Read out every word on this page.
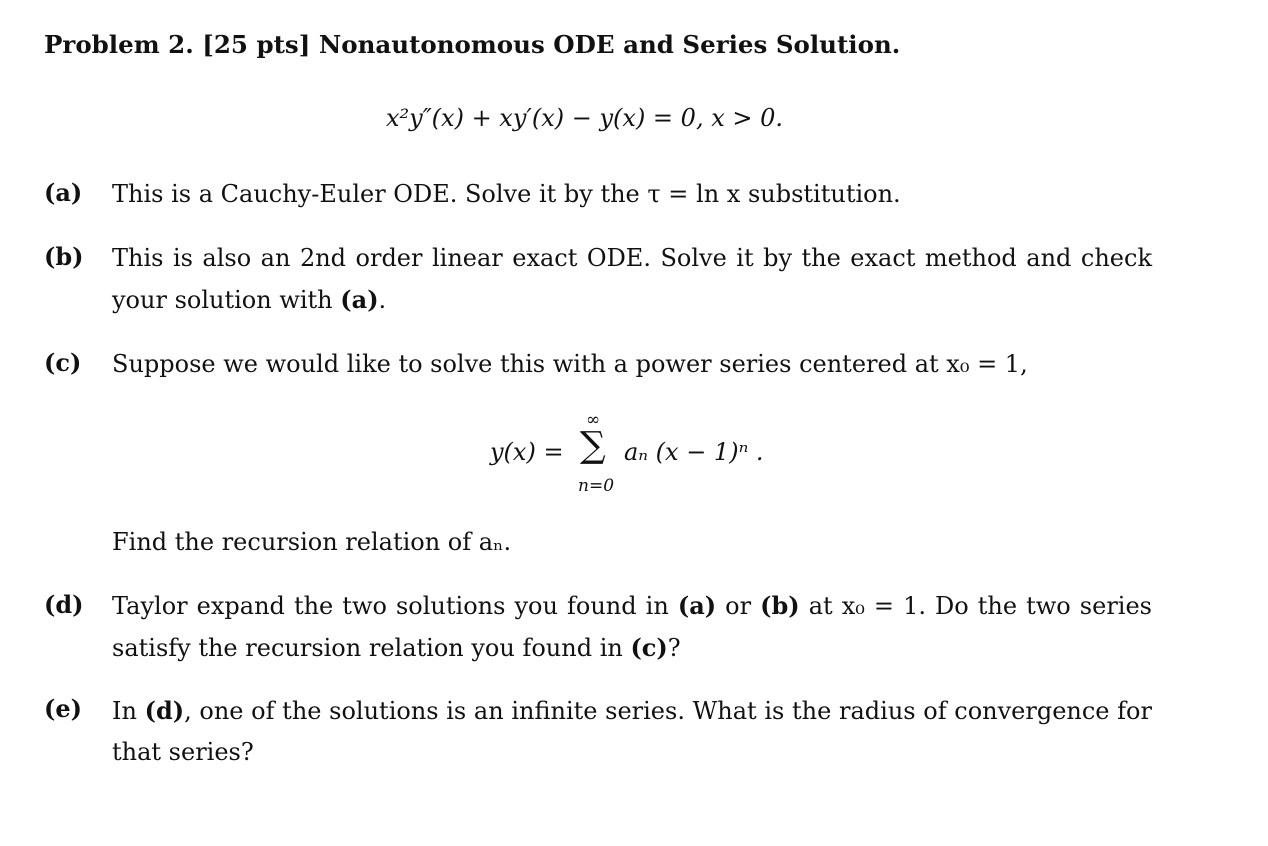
Problem 2. [25 pts] Nonautonomous ODE and Series Solution.
x²y″(x) + xy′(x) − y(x) = 0, x > 0.
(a) This is a Cauchy-Euler ODE. Solve it by the τ = ln x substitution.
(b) This is also an 2nd order linear exact ODE. Solve it by the exact method and check your solution with (a).
(c) Suppose we would like to solve this with a power series centered at x₀ = 1,
y(x) =
∞
∑
n=0
aₙ (x − 1)ⁿ .
Find the recursion relation of aₙ.
(d) Taylor expand the two solutions you found in (a) or (b) at x₀ = 1. Do the two series satisfy the recursion relation you found in (c)?
(e) In (d), one of the solutions is an infinite series. What is the radius of convergence for that series?
